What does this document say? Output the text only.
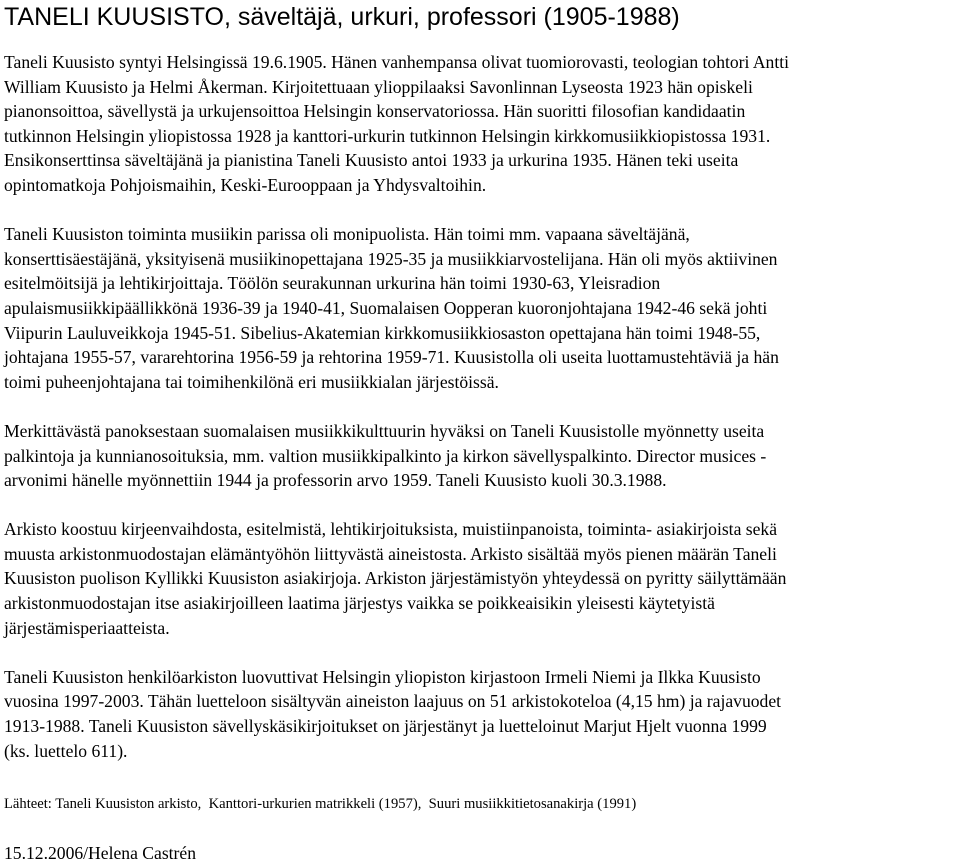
TANELI KUUSISTO, säveltäjä, urkuri, professori (1905-1988)

Taneli Kuusisto syntyi Helsingissä 19.6.1905. Hänen vanhempansa olivat tuomiorovasti, teologian tohtori Antti
William Kuusisto ja Helmi Åkerman. Kirjoitettuaan ylioppilaaksi Savonlinnan Lyseosta 1923 hän opiskeli
pianonsoittoa, sävellystä ja urkujensoittoa Helsingin konservatoriossa. Hän suoritti filosofian kandidaatin
tutkinnon Helsingin yliopistossa 1928 ja kanttori-urkurin tutkinnon Helsingin kirkkomusiikkiopistossa 1931.
Ensikonserttinsa säveltäjänä ja pianistina Taneli Kuusisto antoi 1933 ja urkurina 1935. Hänen teki useita
opintomatkoja Pohjoismaihin, Keski-Eurooppaan ja Yhdysvaltoihin.

Taneli Kuusiston toiminta musiikin parissa oli monipuolista. Hän toimi mm. vapaana säveltäjänä,
konserttisäestäjänä, yksityisenä musiikinopettajana 1925-35 ja musiikkiarvostelijana. Hän oli myös aktiivinen
esitelmöitsijä ja lehtikirjoittaja. Töölön seurakunnan urkurina hän toimi 1930-63, Yleisradion
apulaismusiikkipäällikkönä 1936-39 ja 1940-41, Suomalaisen Oopperan kuoronjohtajana 1942-46 sekä johti
Viipurin Lauluveikkoja 1945-51. Sibelius-Akatemian kirkkomusiikkiosaston opettajana hän toimi 1948-55,
johtajana 1955-57, vararehtorina 1956-59 ja rehtorina 1959-71. Kuusistolla oli useita luottamustehtäviä ja hän
toimi puheenjohtajana tai toimihenkilönä eri musiikkialan järjestöissä.

Merkittävästä panoksestaan suomalaisen musiikkikulttuurin hyväksi on Taneli Kuusistolle myönnetty useita
palkintoja ja kunnianosoituksia, mm. valtion musiikkipalkinto ja kirkon sävellyspalkinto. Director musices -
arvonimi hänelle myönnettiin 1944 ja professorin arvo 1959. Taneli Kuusisto kuoli 30.3.1988.

Arkisto koostuu kirjeenvaihdosta, esitelmistä, lehtikirjoituksista, muistiinpanoista, toiminta- asiakirjoista sekä
muusta arkistonmuodostajan elämäntyöhön liittyvästä aineistosta. Arkisto sisältää myös pienen määrän Taneli
Kuusiston puolison Kyllikki Kuusiston asiakirjoja. Arkiston järjestämistyön yhteydessä on pyritty säilyttämään
arkistonmuodostajan itse asiakirjoilleen laatima järjestys vaikka se poikkeaisikin yleisesti käytetyistä
järjestämisperiaatteista.

Taneli Kuusiston henkilöarkiston luovuttivat Helsingin yliopiston kirjastoon Irmeli Niemi ja Ilkka Kuusisto
vuosina 1997-2003. Tähän luetteloon sisältyvän aineiston laajuus on 51 arkistokoteloa (4,15 hm) ja rajavuodet
1913-1988. Taneli Kuusiston sävellyskäsikirjoitukset on järjestänyt ja luetteloinut Marjut Hjelt vuonna 1999
(ks. luettelo 611).

Lähteet: Taneli Kuusiston arkisto,  Kanttori-urkurien matrikkeli (1957),  Suuri musiikkitietosanakirja (1991)
15.12.2006/Helena Castrén
